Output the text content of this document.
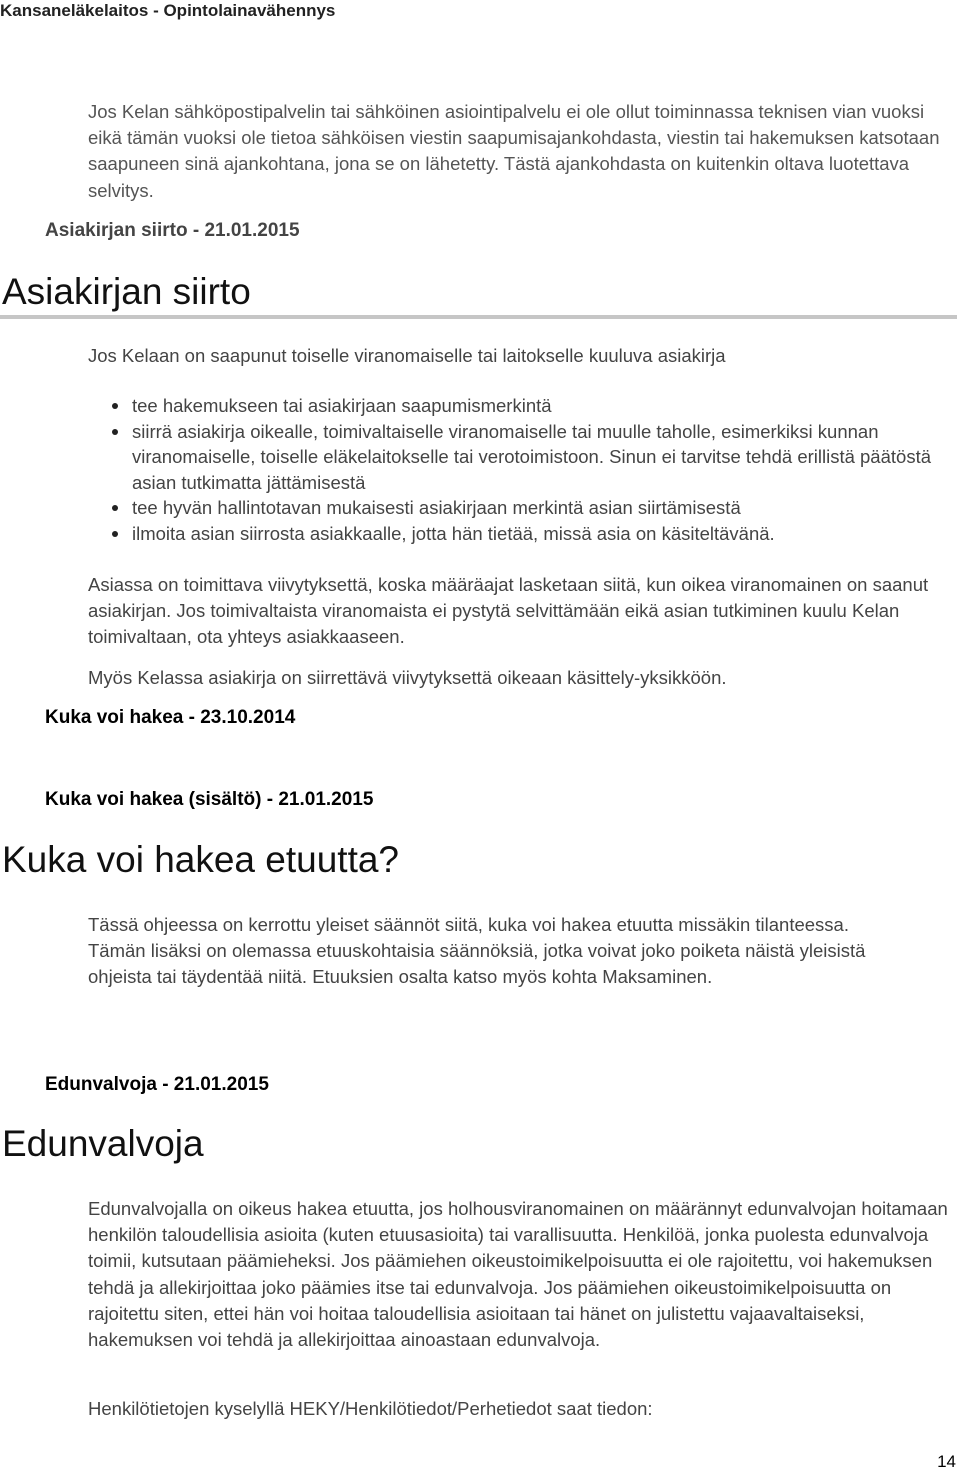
Kansaneläkelaitos - Opintolainavähennys

Jos Kelan sähköpostipalvelin tai sähköinen asiointipalvelu ei ole ollut toiminnassa teknisen vian vuoksi eikä tämän vuoksi ole tietoa sähköisen viestin saapumisajankohdasta, viestin tai hakemuksen katsotaan saapuneen sinä ajankohtana, jona se on lähetetty. Tästä ajankohdasta on kuitenkin oltava luotettava selvitys.

Asiakirjan siirto - 21.01.2015
Asiakirjan siirto

Jos Kelaan on saapunut toiselle viranomaiselle tai laitokselle kuuluva asiakirja

tee hakemukseen tai asiakirjaan saapumismerkintä
siirrä asiakirja oikealle, toimivaltaiselle viranomaiselle tai muulle taholle, esimerkiksi kunnan viranomaiselle, toiselle eläkelaitokselle tai verotoimistoon. Sinun ei tarvitse tehdä erillistä päätöstä asian tutkimatta jättämisestä
tee hyvän hallintotavan mukaisesti asiakirjaan merkintä asian siirtämisestä
ilmoita asian siirrosta asiakkaalle, jotta hän tietää, missä asia on käsiteltävänä.

Asiassa on toimittava viivytyksettä, koska määräajat lasketaan siitä, kun oikea viranomainen on saanut asiakirjan. Jos toimivaltaista viranomaista ei pystytä selvittämään eikä asian tutkiminen kuulu Kelan toimivaltaan, ota yhteys asiakkaaseen.

Myös Kelassa asiakirja on siirrettävä viivytyksettä oikeaan käsittely-yksikköön.

Kuka voi hakea - 23.10.2014
Kuka voi hakea (sisältö) - 21.01.2015
Kuka voi hakea etuutta?

Tässä ohjeessa on kerrottu yleiset säännöt siitä, kuka voi hakea etuutta missäkin tilanteessa. Tämän lisäksi on olemassa etuuskohtaisia säännöksiä, jotka voivat joko poiketa näistä yleisistä ohjeista tai täydentää niitä. Etuuksien osalta katso myös kohta Maksaminen.

Edunvalvoja - 21.01.2015
Edunvalvoja

Edunvalvojalla on oikeus hakea etuutta, jos holhousviranomainen on määrännyt edunvalvojan hoitamaan henkilön taloudellisia asioita (kuten etuusasioita) tai varallisuutta. Henkilöä, jonka puolesta edunvalvoja toimii, kutsutaan päämieheksi. Jos päämiehen oikeustoimikelpoisuutta ei ole rajoitettu, voi hakemuksen tehdä ja allekirjoittaa joko päämies itse tai edunvalvoja. Jos päämiehen oikeustoimikelpoisuutta on rajoitettu siten, ettei hän voi hoitaa taloudellisia asioitaan tai hänet on julistettu vajaavaltaiseksi, hakemuksen voi tehdä ja allekirjoittaa ainoastaan edunvalvoja.

Henkilötietojen kyselyllä HEKY/Henkilötiedot/Perhetiedot saat tiedon:

14
